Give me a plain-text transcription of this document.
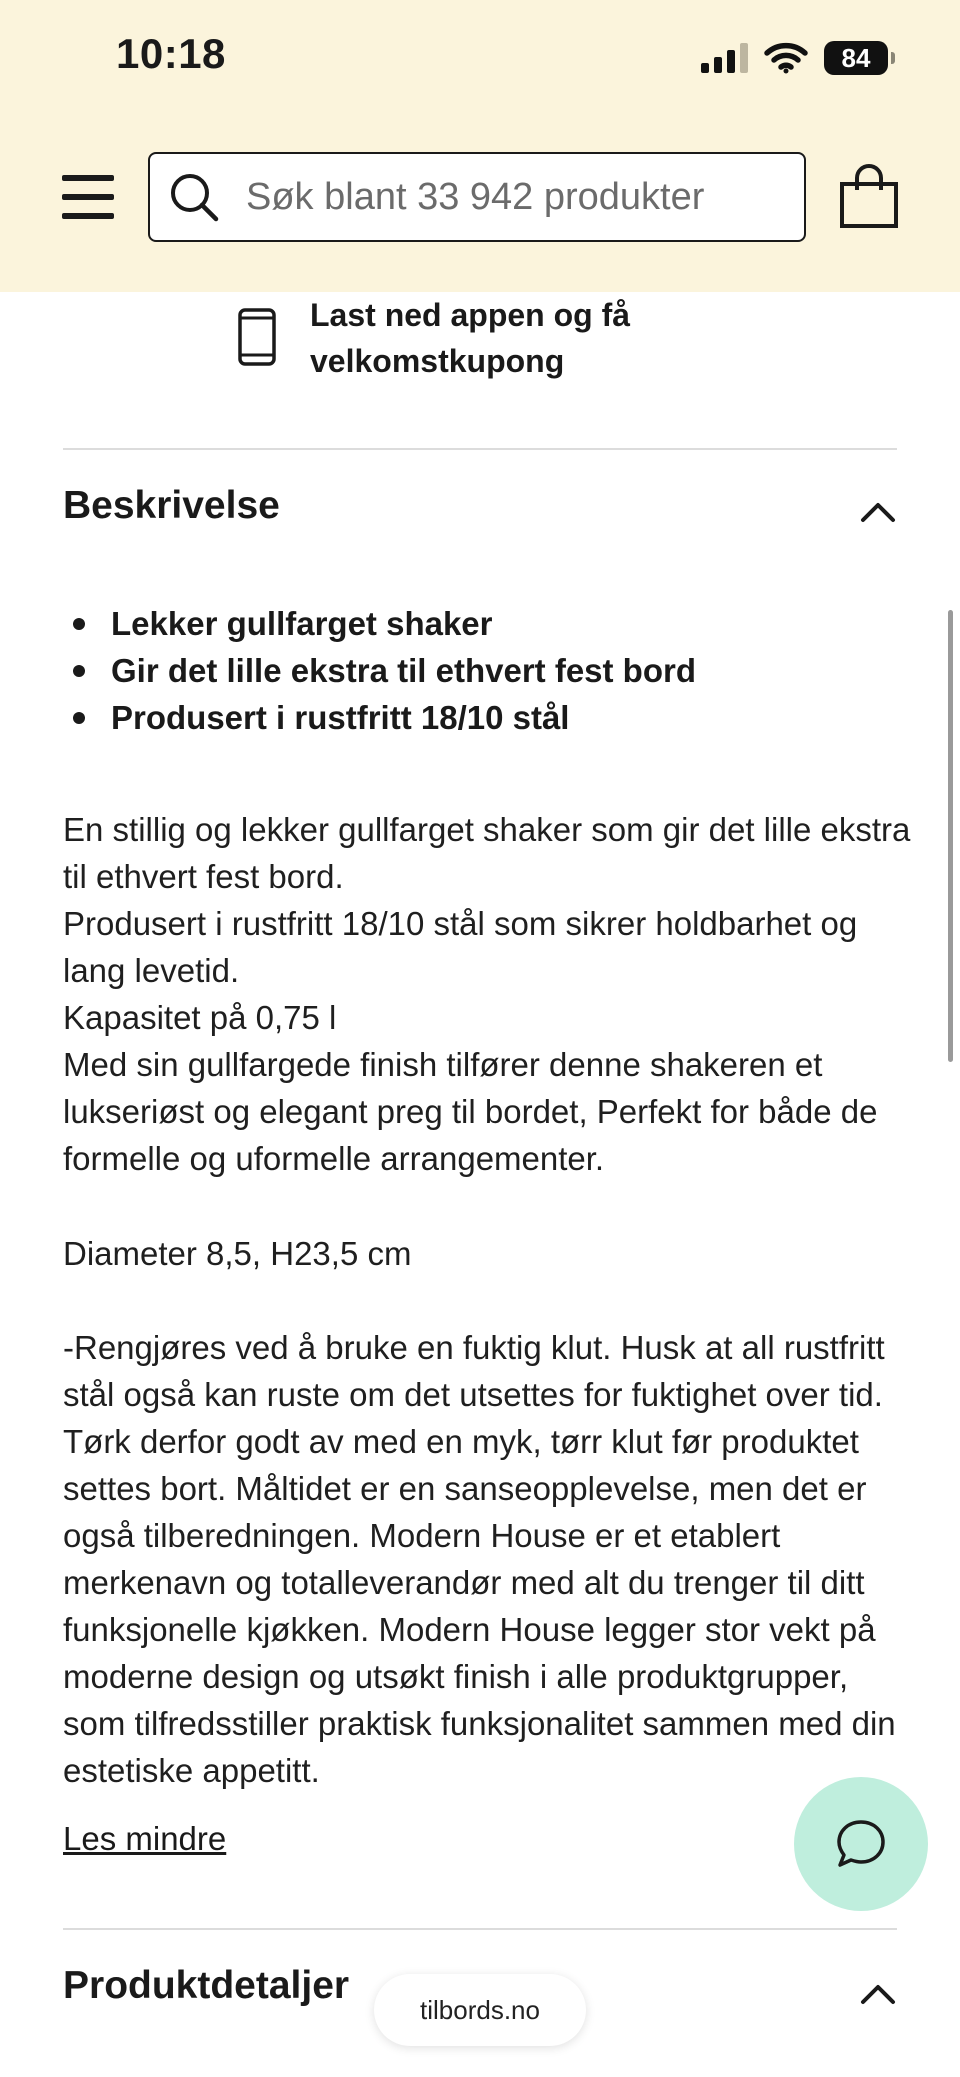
10:18	84
Søk blant 33 942 produkter
Last ned appen og få
velkomstkupong
Beskrivelse
Lekker gullfarget shaker
Gir det lille ekstra til ethvert fest bord
Produsert i rustfritt 18/10 stål
En stillig og lekker gullfarget shaker som gir det lille ekstra til ethvert fest bord.
Produsert i rustfritt 18/10 stål som sikrer holdbarhet og lang levetid.
Kapasitet på 0,75 l
Med sin gullfargede finish tilfører denne shakeren et lukseriøst og elegant preg til bordet, Perfekt for både de formelle og uformelle arrangementer.
Diameter 8,5, H23,5 cm
-Rengjøres ved å bruke en fuktig klut. Husk at all rustfritt stål også kan ruste om det utsettes for fuktighet over tid. Tørk derfor godt av med en myk, tørr klut før produktet settes bort. Måltidet er en sanseopplevelse, men det er også tilberedningen. Modern House er et etablert merkenavn og totalleverandør med alt du trenger til ditt funksjonelle kjøkken. Modern House legger stor vekt på moderne design og utsøkt finish i alle produktgrupper, som tilfredsstiller praktisk funksjonalitet sammen med din estetiske appetitt.
Les mindre
Produktdetaljer
tilbords.no
